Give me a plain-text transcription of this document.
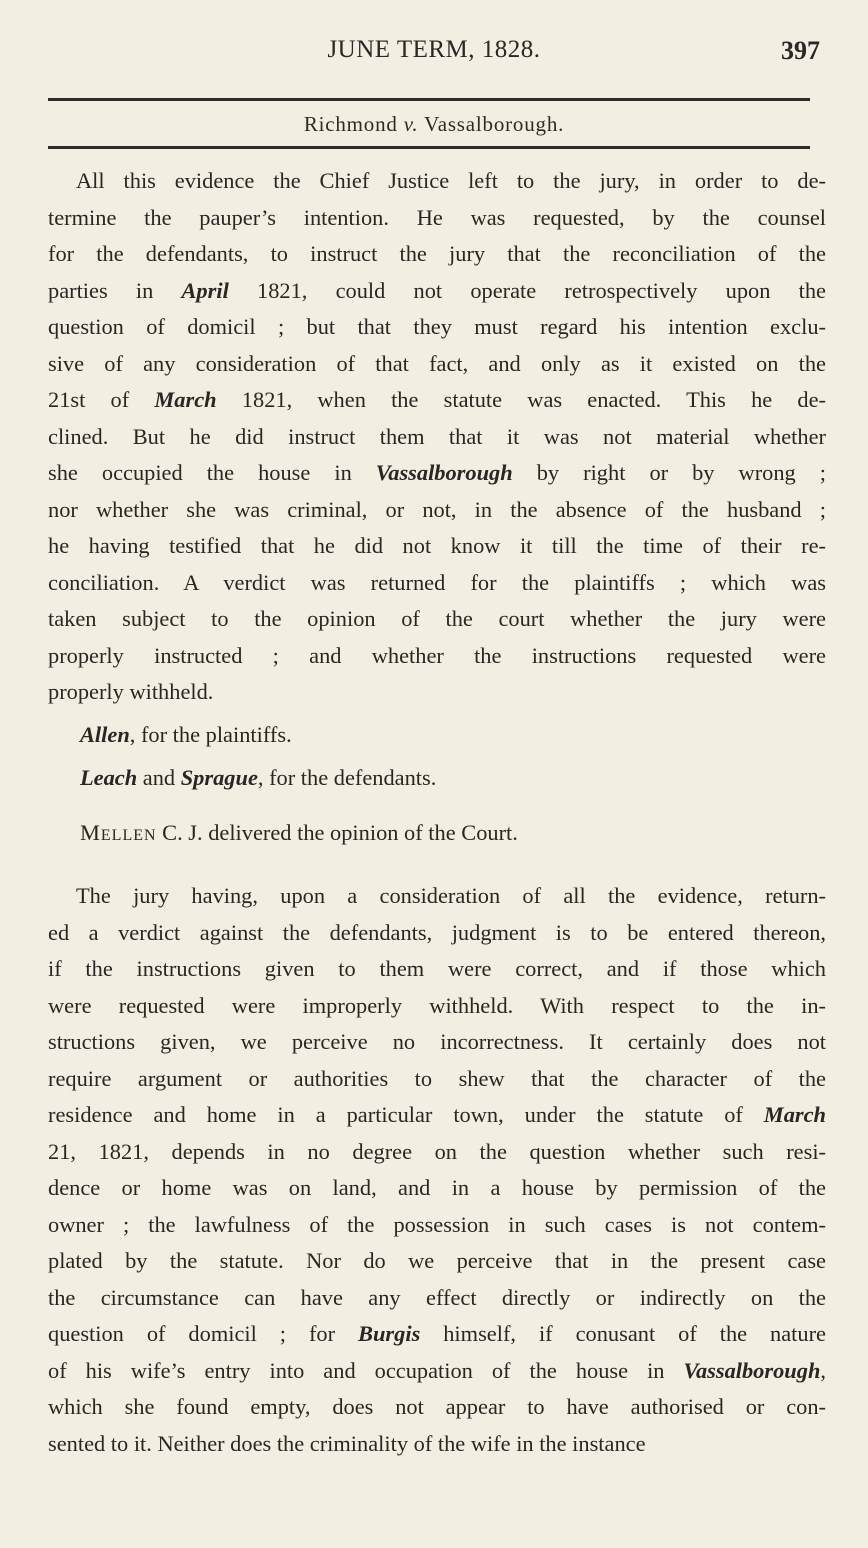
JUNE TERM, 1828.	397
Richmond v. Vassalborough.
All this evidence the Chief Justice left to the jury, in order to de-
termine the pauper’s intention. He was requested, by the counsel
for the defendants, to instruct the jury that the reconciliation of the
parties in April 1821, could not operate retrospectively upon the
question of domicil ; but that they must regard his intention exclu-
sive of any consideration of that fact, and only as it existed on the
21st of March 1821, when the statute was enacted. This he de-
clined. But he did instruct them that it was not material whether
she occupied the house in Vassalborough by right or by wrong ;
nor whether she was criminal, or not, in the absence of the husband ;
he having testified that he did not know it till the time of their re-
conciliation. A verdict was returned for the plaintiffs ; which was
taken subject to the opinion of the court whether the jury were
properly instructed ; and whether the instructions requested were
properly withheld.
Allen, for the plaintiffs.
Leach and Sprague, for the defendants.
Mellen C. J. delivered the opinion of the Court.
The jury having, upon a consideration of all the evidence, return-
ed a verdict against the defendants, judgment is to be entered thereon,
if the instructions given to them were correct, and if those which
were requested were improperly withheld. With respect to the in-
structions given, we perceive no incorrectness. It certainly does not
require argument or authorities to shew that the character of the
residence and home in a particular town, under the statute of March
21, 1821, depends in no degree on the question whether such resi-
dence or home was on land, and in a house by permission of the
owner ; the lawfulness of the possession in such cases is not contem-
plated by the statute. Nor do we perceive that in the present case
the circumstance can have any effect directly or indirectly on the
question of domicil ; for Burgis himself, if conusant of the nature
of his wife’s entry into and occupation of the house in Vassalborough,
which she found empty, does not appear to have authorised or con-
sented to it. Neither does the criminality of the wife in the instance
